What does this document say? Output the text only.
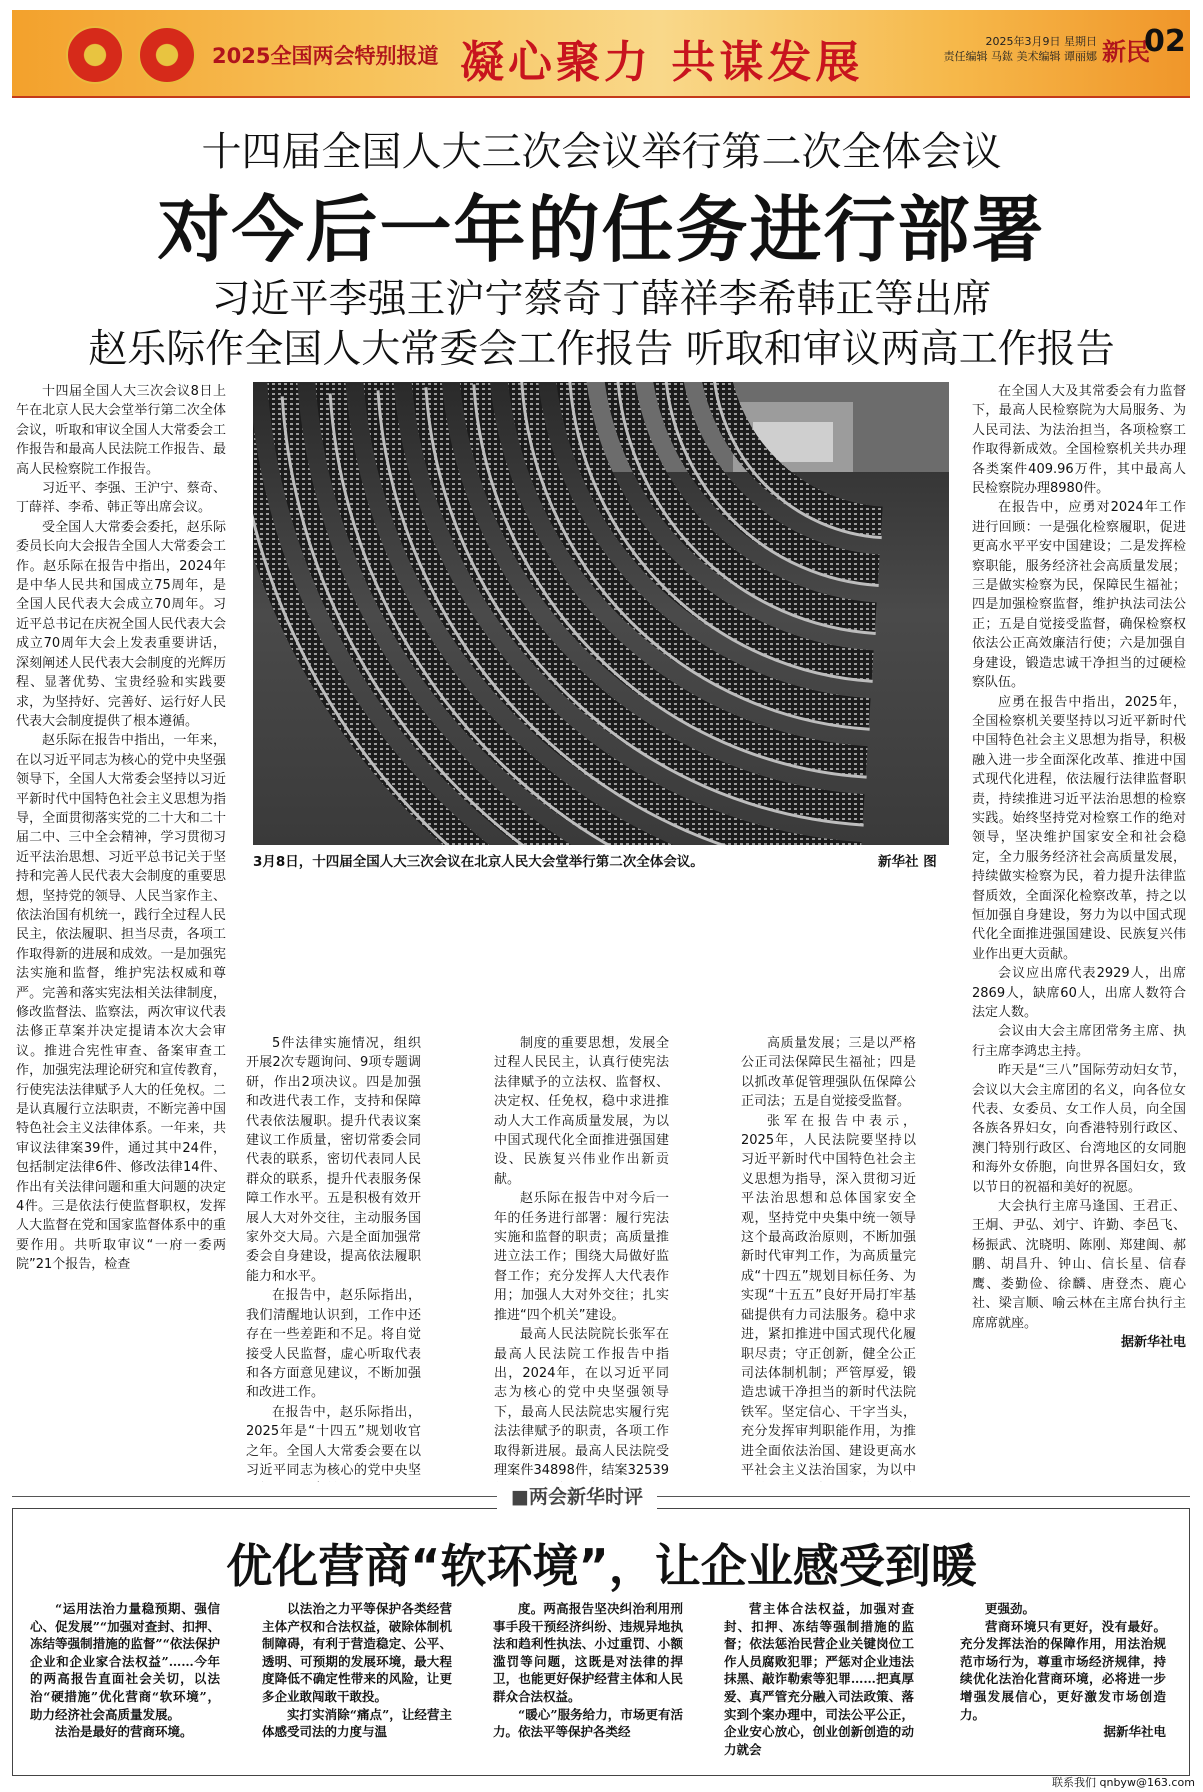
2025全国两会特别报道 凝心聚力 共谋发展	2025年3月9日 星期日
责任编辑 马鈜 美术编辑 谭丽娜 新民
02
十四届全国人大三次会议举行第二次全体会议
对今后一年的任务进行部署
习近平李强王沪宁蔡奇丁薛祥李希韩正等出席
赵乐际作全国人大常委会工作报告 听取和审议两高工作报告

十四届全国人大三次会议8日上午在北京人民大会堂举行第二次全体会议，听取和审议全国人大常委会工作报告和最高人民法院工作报告、最高人民检察院工作报告。

习近平、李强、王沪宁、蔡奇、丁薛祥、李希、韩正等出席会议。

受全国人大常委会委托，赵乐际委员长向大会报告全国人大常委会工作。赵乐际在报告中指出，2024年是中华人民共和国成立75周年，是全国人民代表大会成立70周年。习近平总书记在庆祝全国人民代表大会成立70周年大会上发表重要讲话，深刻阐述人民代表大会制度的光辉历程、显著优势、宝贵经验和实践要求，为坚持好、完善好、运行好人民代表大会制度提供了根本遵循。

赵乐际在报告中指出，一年来，在以习近平同志为核心的党中央坚强领导下，全国人大常委会坚持以习近平新时代中国特色社会主义思想为指导，全面贯彻落实党的二十大和二十届二中、三中全会精神，学习贯彻习近平法治思想、习近平总书记关于坚持和完善人民代表大会制度的重要思想，坚持党的领导、人民当家作主、依法治国有机统一，践行全过程人民民主，依法履职、担当尽责，各项工作取得新的进展和成效。一是加强宪法实施和监督，维护宪法权威和尊严。完善和落实宪法相关法律制度，修改监督法、监察法，两次审议代表法修正草案并决定提请本次大会审议。推进合宪性审查、备案审查工作，加强宪法理论研究和宣传教育，行使宪法法律赋予人大的任免权。二是认真履行立法职责，不断完善中国特色社会主义法律体系。一年来，共审议法律案39件，通过其中24件，包括制定法律6件、修改法律14件、作出有关法律问题和重大问题的决定4件。三是依法行使监督职权，发挥人大监督在党和国家监督体系中的重要作用。共听取审议“一府一委两院”21个报告，检查

3月8日，十四届全国人大三次会议在北京人民大会堂举行第二次全体会议。	新华社 图

5件法律实施情况，组织开展2次专题询问、9项专题调研，作出2项决议。四是加强和改进代表工作，支持和保障代表依法履职。提升代表议案建议工作质量，密切常委会同代表的联系，密切代表同人民群众的联系，提升代表服务保障工作水平。五是积极有效开展人大对外交往，主动服务国家外交大局。六是全面加强常委会自身建设，提高依法履职能力和水平。

在报告中，赵乐际指出，我们清醒地认识到，工作中还存在一些差距和不足。将自觉接受人民监督，虚心听取代表和各方面意见建议，不断加强和改进工作。

在报告中，赵乐际指出，2025年是“十四五”规划收官之年。全国人大常委会要在以习近平同志为核心的党中央坚

制度的重要思想，发展全过程人民民主，认真行使宪法法律赋予的立法权、监督权、决定权、任免权，稳中求进推动人大工作高质量发展，为以中国式现代化全面推进强国建设、民族复兴伟业作出新贡献。

赵乐际在报告中对今后一年的任务进行部署：履行宪法实施和监督的职责；高质量推进立法工作；围绕大局做好监督工作；充分发挥人大代表作用；加强人大对外交往；扎实推进“四个机关”建设。

最高人民法院院长张军在最高人民法院工作报告中指出，2024年，在以习近平同志为核心的党中央坚强领导下，最高人民法院忠实履行宪法法律赋予的职责，各项工作取得新进展。最高人民法院受理案件34898件，结案32539

高质量发展；三是以严格公正司法保障民生福祉；四是以抓改革促管理强队伍保障公正司法；五是自觉接受监督。

张军在报告中表示，2025年，人民法院要坚持以习近平新时代中国特色社会主义思想为指导，深入贯彻习近平法治思想和总体国家安全观，坚持党中央集中统一领导这个最高政治原则，不断加强新时代审判工作，为高质量完成“十四五”规划目标任务、为实现“十五五”良好开局打牢基础提供有力司法服务。稳中求进，紧扣推进中国式现代化履职尽责；守正创新，健全公正司法体制机制；严管厚爱，锻造忠诚干净担当的新时代法院铁军。坚定信心、干字当头，充分发挥审判职能作用，为推进全面依法治国、建设更高水平社会主义法治国家，为以中

在全国人大及其常委会有力监督下，最高人民检察院为大局服务、为人民司法、为法治担当，各项检察工作取得新成效。全国检察机关共办理各类案件409.96万件，其中最高人民检察院办理8980件。

在报告中，应勇对2024年工作进行回顾：一是强化检察履职，促进更高水平平安中国建设；二是发挥检察职能，服务经济社会高质量发展；三是做实检察为民，保障民生福祉；四是加强检察监督，维护执法司法公正；五是自觉接受监督，确保检察权依法公正高效廉洁行使；六是加强自身建设，锻造忠诚干净担当的过硬检察队伍。

应勇在报告中指出，2025年，全国检察机关要坚持以习近平新时代中国特色社会主义思想为指导，积极融入进一步全面深化改革、推进中国式现代化进程，依法履行法律监督职责，持续推进习近平法治思想的检察实践。始终坚持党对检察工作的绝对领导，坚决维护国家安全和社会稳定，全力服务经济社会高质量发展，持续做实检察为民，着力提升法律监督质效，全面深化检察改革，持之以恒加强自身建设，努力为以中国式现代化全面推进强国建设、民族复兴伟业作出更大贡献。

会议应出席代表2929人，出席2869人，缺席60人，出席人数符合法定人数。

会议由大会主席团常务主席、执行主席李鸿忠主持。

昨天是“三八”国际劳动妇女节，会议以大会主席团的名义，向各位女代表、女委员、女工作人员，向全国各族各界妇女，向香港特别行政区、澳门特别行政区、台湾地区的女同胞和海外女侨胞，向世界各国妇女，致以节日的祝福和美好的祝愿。

大会执行主席马逢国、王君正、王炯、尹弘、刘宁、许勤、李邑飞、杨振武、沈晓明、陈刚、郑建闽、郝鹏、胡昌升、钟山、信长星、信春鹰、娄勤俭、徐麟、唐登杰、鹿心社、梁言顺、喻云林在主席台执行主席席就座。

据新华社电

■两会新华时评
优化营商“软环境”，让企业感受到暖

“运用法治力量稳预期、强信心、促发展”“加强对查封、扣押、冻结等强制措施的监督”“依法保护企业和企业家合法权益”……今年的两高报告直面社会关切，以法治“硬措施”优化营商“软环境”，助力经济社会高质量发展。

法治是最好的营商环境。

以法治之力平等保护各类经营主体产权和合法权益，破除体制机制障碍，有利于营造稳定、公平、透明、可预期的发展环境，最大程度降低不确定性带来的风险，让更多企业敢闯敢干敢投。

实打实消除“痛点”，让经营主体感受司法的力度与温

度。两高报告坚决纠治利用刑事手段干预经济纠纷、违规异地执法和趋利性执法、小过重罚、小额滥罚等问题，这既是对法律的捍卫，也能更好保护经营主体和人民群众合法权益。

“暖心”服务给力，市场更有活力。依法平等保护各类经

营主体合法权益，加强对查封、扣押、冻结等强制措施的监督；依法惩治民营企业关键岗位工作人员腐败犯罪；严惩对企业违法抹黑、敲诈勒索等犯罪……把真厚爱、真严管充分融入司法政策、落实到个案办理中，司法公平公正，企业安心放心，创业创新创造的动力就会

更强劲。

营商环境只有更好，没有最好。充分发挥法治的保障作用，用法治规范市场行为，尊重市场经济规律，持续优化法治化营商环境，必将进一步增强发展信心，更好激发市场创造力。

据新华社电

联系我们 qnbyw@163.com
